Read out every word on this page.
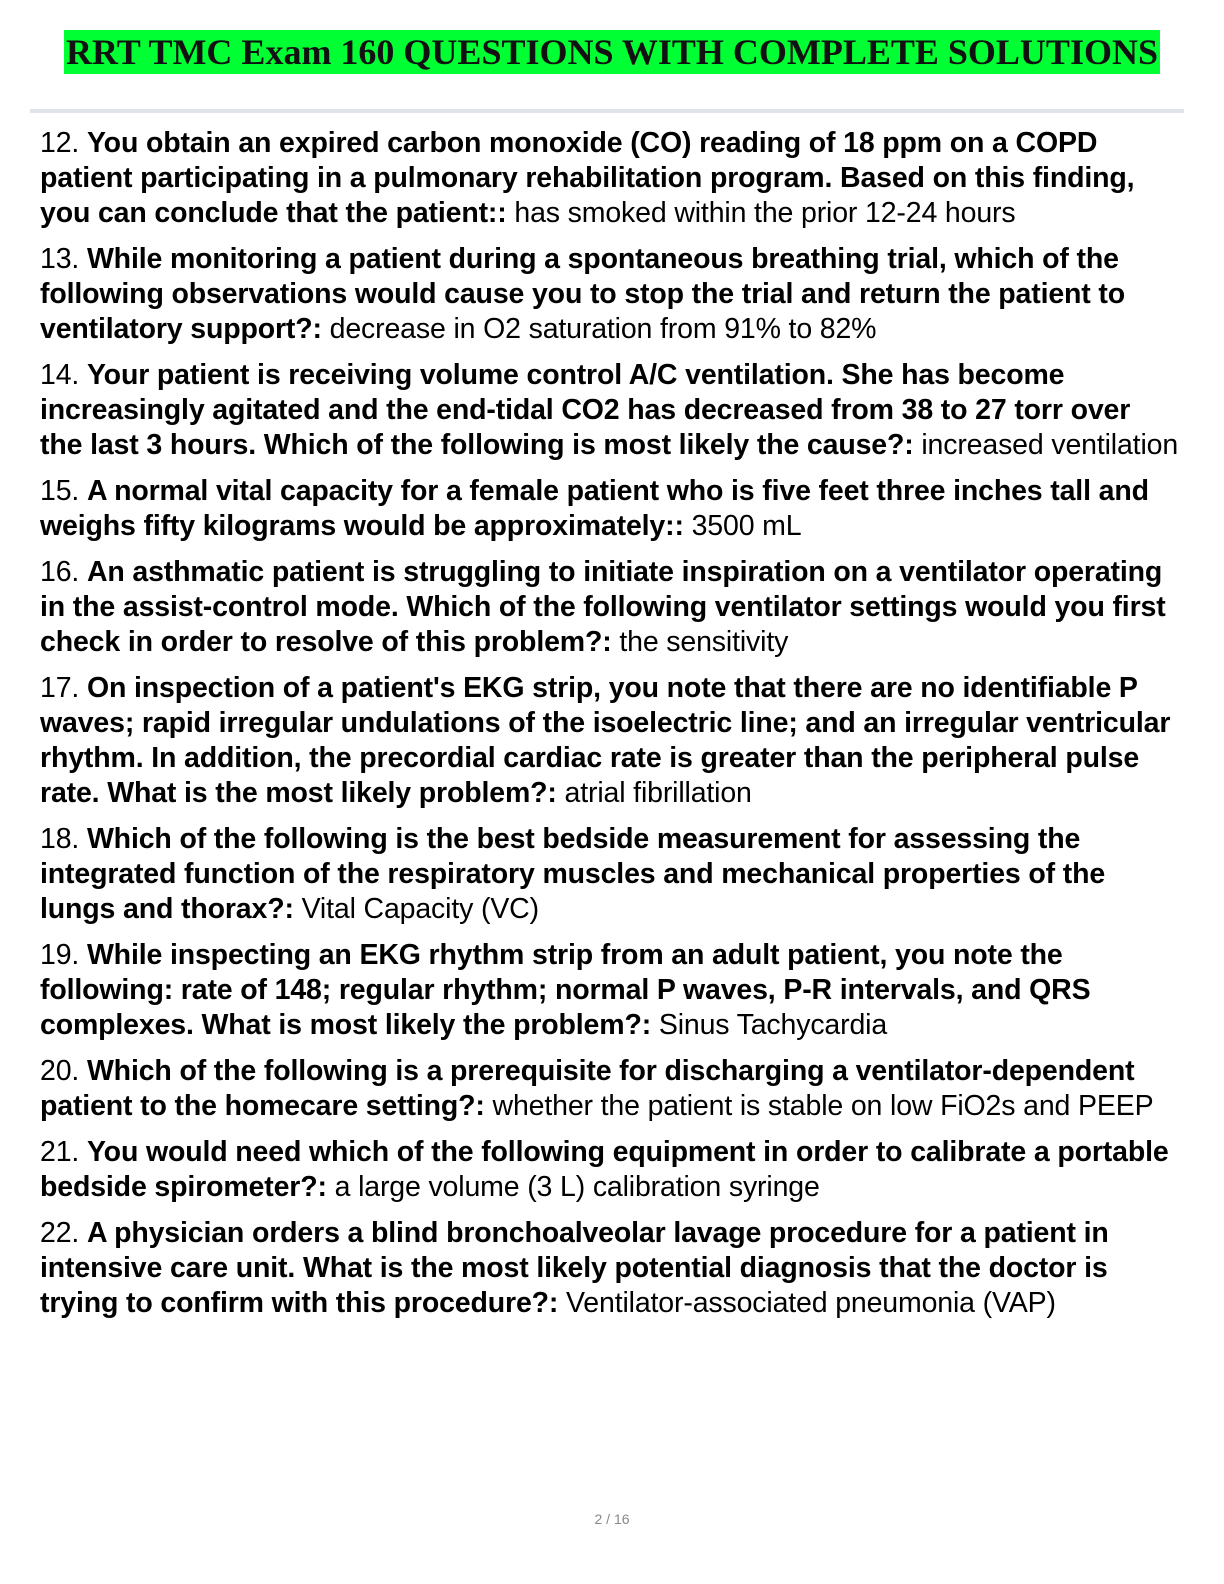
RRT TMC Exam 160 QUESTIONS WITH COMPLETE SOLUTIONS
12. You obtain an expired carbon monoxide (CO) reading of 18 ppm on a COPD patient participating in a pulmonary rehabilitation program. Based on this finding, you can conclude that the patient:: has smoked within the prior 12-24 hours
13. While monitoring a patient during a spontaneous breathing trial, which of the following observations would cause you to stop the trial and return the patient to ventilatory support?: decrease in O2 saturation from 91% to 82%
14. Your patient is receiving volume control A/C ventilation. She has become increasingly agitated and the end-tidal CO2 has decreased from 38 to 27 torr over the last 3 hours. Which of the following is most likely the cause?: increased ventilation
15. A normal vital capacity for a female patient who is five feet three inches tall and weighs fifty kilograms would be approximately:: 3500 mL
16. An asthmatic patient is struggling to initiate inspiration on a ventilator operating in the assist-control mode. Which of the following ventilator settings would you first check in order to resolve of this problem?: the sensitivity
17. On inspection of a patient's EKG strip, you note that there are no identifiable P waves; rapid irregular undulations of the isoelectric line; and an irregular ventricular rhythm. In addition, the precordial cardiac rate is greater than the peripheral pulse rate. What is the most likely problem?: atrial fibrillation
18. Which of the following is the best bedside measurement for assessing the integrated function of the respiratory muscles and mechanical properties of the lungs and thorax?: Vital Capacity (VC)
19. While inspecting an EKG rhythm strip from an adult patient, you note the following: rate of 148; regular rhythm; normal P waves, P-R intervals, and QRS complexes. What is most likely the problem?: Sinus Tachycardia
20. Which of the following is a prerequisite for discharging a ventilator-dependent patient to the homecare setting?: whether the patient is stable on low FiO2s and PEEP
21. You would need which of the following equipment in order to calibrate a portable bedside spirometer?: a large volume (3 L) calibration syringe
22. A physician orders a blind bronchoalveolar lavage procedure for a patient in intensive care unit. What is the most likely potential diagnosis that the doctor is trying to confirm with this procedure?: Ventilator-associated pneumonia (VAP)
2 / 16
